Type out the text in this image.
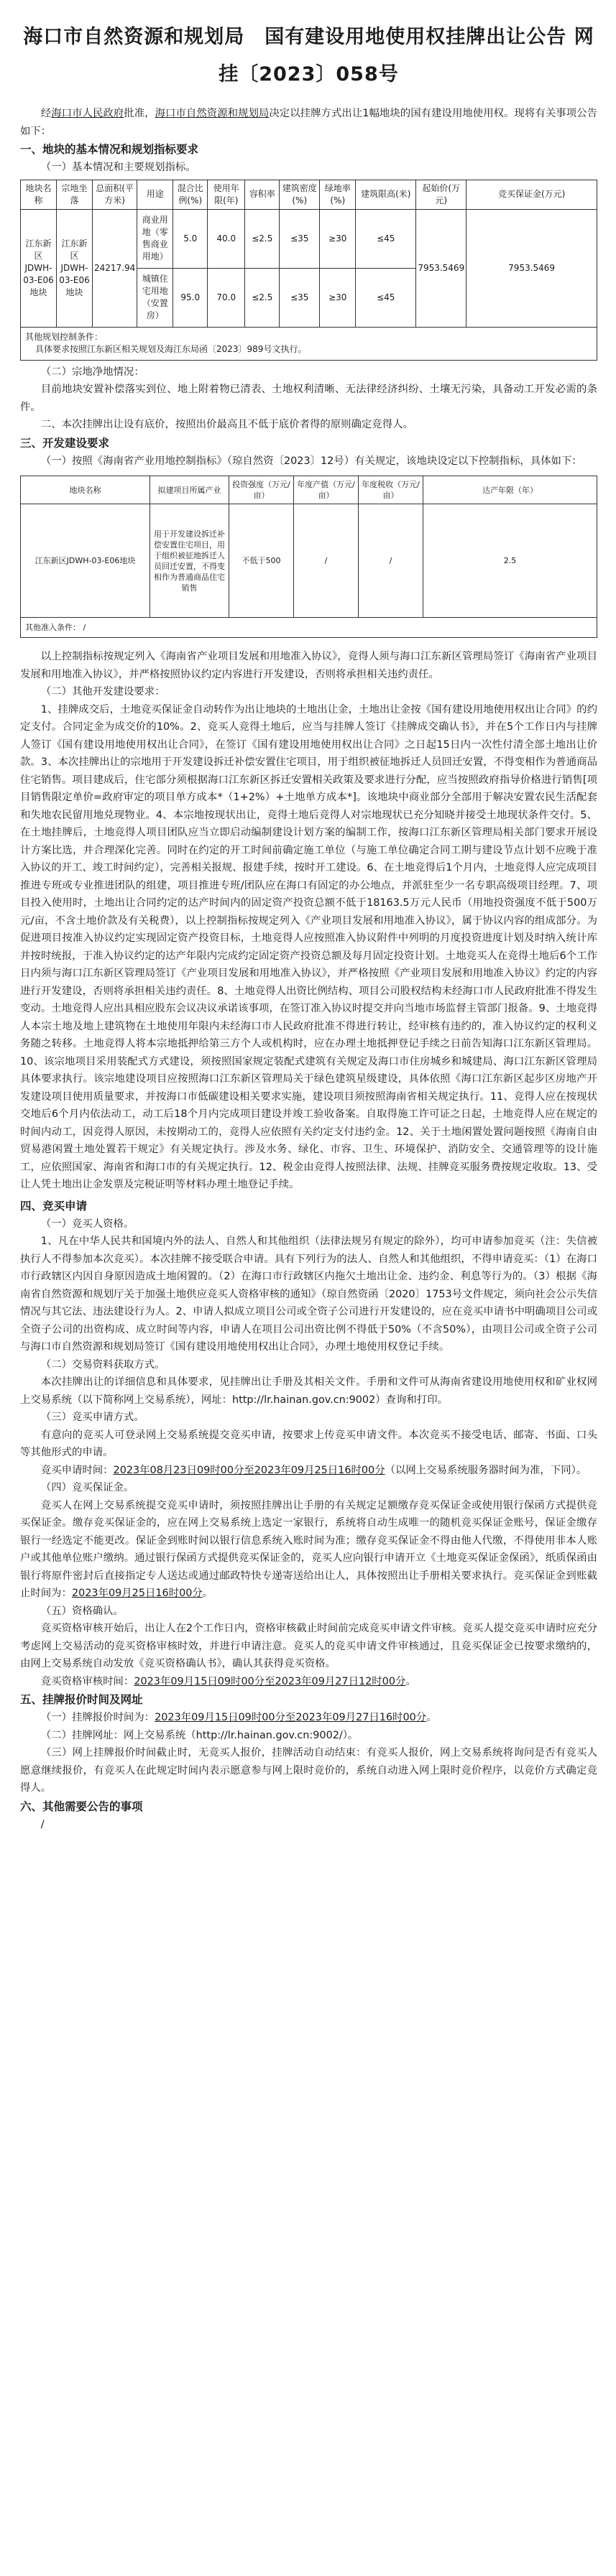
海口市自然资源和规划局　国有建设用地使用权挂牌出让公告 网挂〔2023〕058号

经海口市人民政府批准，海口市自然资源和规划局决定以挂牌方式出让1幅地块的国有建设用地使用权。现将有关事项公告如下：

一、地块的基本情况和规划指标要求

（一）基本情况和主要规划指标。

地块名称	宗地坐落	总面积(平方米)	用途	混合比例(%)	使用年限(年)	容积率	建筑密度(%)	绿地率(%)	建筑限高(米)	起始价(万元)	竞买保证金(万元)
江东新区JDWH-03-E06地块	江东新区JDWH-03-E06地块	24217.94	商业用地（零售商业用地）	5.0	40.0	≤2.5	≤35	≥30	≤45	7953.5469	7953.5469
			城镇住宅用地（安置房）	95.0	70.0	≤2.5	≤35	≥30	≤45		

其他规划控制条件：
具体要求按照江东新区相关规划及海江东局函〔2023〕989号文执行。											

（二）宗地净地情况：

目前地块安置补偿落实到位、地上附着物已清表、土地权利清晰、无法律经济纠纷、土壤无污染，具备动工开发必需的条件。

二、本次挂牌出让设有底价，按照出价最高且不低于底价者得的原则确定竞得人。

三、开发建设要求

（一）按照《海南省产业用地控制指标》（琼自然资〔2023〕12号）有关规定，该地块设定以下控制指标，具体如下：

地块名称	拟建项目所属产业	投资强度（万元/亩）	年度产值（万元/亩）	年度税收（万元/亩）	达产年限（年）
江东新区JDWH-03-E06地块	用于开发建设拆迁补偿安置住宅项目，用于组织被征地拆迁人员回迁安置，不得变相作为普通商品住宅销售	不低于500	/	/	2.5
其他准入条件： /					

以上控制指标按规定列入《海南省产业项目发展和用地准入协议》，竞得人须与海口江东新区管理局签订《海南省产业项目发展和用地准入协议》，并严格按照协议约定内容进行开发建设，否则将承担相关违约责任。

（二）其他开发建设要求：

1、挂牌成交后，土地竞买保证金自动转作为出让地块的土地出让金，土地出让金按《国有建设用地使用权出让合同》的约定支付。合同定金为成交价的10%。2、竞买人竞得土地后，应当与挂牌人签订《挂牌成交确认书》，并在5个工作日内与挂牌人签订《国有建设用地使用权出让合同》，在签订《国有建设用地使用权出让合同》之日起15日内一次性付清全部土地出让价款。3、本次挂牌出让的宗地用于开发建设拆迁补偿安置住宅项目，用于组织被征地拆迁人员回迁安置，不得变相作为普通商品住宅销售。项目建成后，住宅部分须根据海口江东新区拆迁安置相关政策及要求进行分配，应当按照政府指导价格进行销售[项目销售限定单价=政府审定的项目单方成本*（1+2%）+土地单方成本*]。该地块中商业部分全部用于解决安置农民生活配套和失地农民留用地兑现物业。4、本宗地按现状出让，竞得土地后竞得人对宗地现状已充分知晓并接受土地现状条件交付。5、在土地挂牌后，土地竞得人项目团队应当立即启动编制建设计划方案的编制工作，按海口江东新区管理局相关部门要求开展设计方案比选，并合理深化完善。同时在约定的开工时间前确定施工单位（与施工单位确定合同工期与建设节点计划不应晚于准入协议的开工、竣工时间约定），完善相关报规、报建手续，按时开工建设。6、在土地竞得后1个月内，土地竞得人应完成项目推进专班或专业推进团队的组建，项目推进专班/团队应在海口有固定的办公地点，并派驻至少一名专职高级项目经理。7、项目投入使用时，土地出让合同约定的达产时间内的固定资产投资总额不低于18163.5万元人民币（用地投资强度不低于500万元/亩，不含土地价款及有关税费），以上控制指标按规定列入《产业项目发展和用地准入协议》，属于协议内容的组成部分。为促进项目按准入协议约定实现固定资产投资目标，土地竞得人应按照准入协议附件中列明的月度投资进度计划及时纳入统计库并按时统报，于准入协议约定的达产年限内完成约定固定资产投资总额及每月固定投资计划。土地竞买人在竞得土地后6个工作日内须与海口江东新区管理局签订《产业项目发展和用地准入协议》，并严格按照《产业项目发展和用地准入协议》约定的内容进行开发建设，否则将承担相关违约责任。8、土地竞得人出资比例结构、项目公司股权结构未经海口市人民政府批准不得发生变动。土地竞得人应出具相应股东会议决议承诺该事项，在签订准入协议时提交并向当地市场监督主管部门报备。9、土地竞得人本宗土地及地上建筑物在土地使用年限内未经海口市人民政府批准不得进行转让，经审核有违约的，准入协议约定的权利义务随之转移。土地竞得人将本宗地抵押给第三方个人或机构时，应在办理土地抵押登记手续之日前告知海口江东新区管理局。10、该宗地项目采用装配式方式建设，须按照国家规定装配式建筑有关规定及海口市住房城乡和城建局、海口江东新区管理局具体要求执行。该宗地建设项目应按照海口江东新区管理局关于绿色建筑星级建设，具体依照《海口江东新区起步区房地产开发建设项目使用质量要求，并按海口市低碳建设相关要求实施，建设项目须按照海南省相关规定执行。11、竞得人应在按现状交地后6个月内依法动工，动工后18个月内完成项目建设并竣工验收备案。自取得施工许可证之日起，土地竞得人应在规定的时间内动工，因竞得人原因，未按期动工的，竞得人应依照有关约定支付违约金。12、关于土地闲置处置问题按照《海南自由贸易港闲置土地处置若干规定》有关规定执行。涉及水务、绿化、市容、卫生、环境保护、消防安全、交通管理等的设计施工，应依照国家、海南省和海口市的有关规定执行。12、税金由竞得人按照法律、法规、挂牌竞买服务费按规定收取。13、受让人凭土地出让金发票及完税证明等材料办理土地登记手续。

四、竞买申请

（一）竞买人资格。

1、凡在中华人民共和国境内外的法人、自然人和其他组织（法律法规另有规定的除外），均可申请参加竞买（注：失信被执行人不得参加本次竞买）。本次挂牌不接受联合申请。具有下列行为的法人、自然人和其他组织，不得申请竞买：（1）在海口市行政辖区内因自身原因造成土地闲置的。（2）在海口市行政辖区内拖欠土地出让金、违约金、利息等行为的。（3）根据《海南省自然资源和规划厅关于加强土地供应竞买人资格审核的通知》（琼自然资函〔2020〕1753号文件规定，须向社会公示失信情况与其它法、违法建设行为人。2、申请人拟成立项目公司或全资子公司进行开发建设的，应在竞买申请书中明确项目公司或全资子公司的出资构成、成立时间等内容，申请人在项目公司出资比例不得低于50%（不含50%），由项目公司或全资子公司与海口市自然资源和规划局签订《国有建设用地使用权出让合同》，办理土地使用权登记手续。

（二）交易资料获取方式。

本次挂牌出让的详细信息和具体要求，见挂牌出让手册及其相关文件。手册和文件可从海南省建设用地使用权和矿业权网上交易系统（以下简称网上交易系统），网址：http://lr.hainan.gov.cn:9002）查询和打印。

（三）竞买申请方式。

有意向的竞买人可登录网上交易系统提交竞买申请，按要求上传竞买申请文件。本次竞买不接受电话、邮寄、书面、口头等其他形式的申请。

竞买申请时间：2023年08月23日09时00分至2023年09月25日16时00分（以网上交易系统服务器时间为准，下同）。

（四）竞买保证金。

竞买人在网上交易系统提交竞买申请时，须按照挂牌出让手册的有关规定足额缴存竞买保证金或使用银行保函方式提供竞买保证金。缴存竞买保证金的，应在网上交易系统上选定一家银行，系统将自动生成唯一的随机竞买保证金账号，保证金缴存银行一经选定不能更改。保证金到账时间以银行信息系统入账时间为准；缴存竞买保证金不得由他人代缴，不得使用非本人账户或其他单位账户缴纳。通过银行保函方式提供竞买保证金的，竞买人应向银行申请开立《土地竞买保证金保函》，纸质保函由银行将原件密封后直接指定专人送达或通过邮政特快专递寄送给出让人，具体按照出让手册相关要求执行。竞买保证金到账截止时间为：2023年09月25日16时00分。

（五）资格确认。

竞买资格审核开始后，出让人在2个工作日内，资格审核截止时间前完成竞买申请文件审核。竞买人提交竞买申请时应充分考虑网上交易活动的竞买资格审核时效，并进行申请注意。竞买人的竞买申请文件审核通过，且竞买保证金已按要求缴纳的，由网上交易系统自动发放《竞买资格确认书》，确认其获得竞买资格。

竞买资格审核时间：2023年09月15日09时00分至2023年09月27日12时00分。

五、挂牌报价时间及网址

（一）挂牌报价时间为：2023年09月15日09时00分至2023年09月27日16时00分。

（二）挂牌网址：网上交易系统（http://lr.hainan.gov.cn:9002/）。

（三）网上挂牌报价时间截止时，无竞买人报价，挂牌活动自动结束：有竞买人报价，网上交易系统将询问是否有竞买人愿意继续报价，有竞买人在此规定时间内表示愿意参与网上限时竞价的，系统自动进入网上限时竞价程序，以竞价方式确定竞得人。

六、其他需要公告的事项

/
